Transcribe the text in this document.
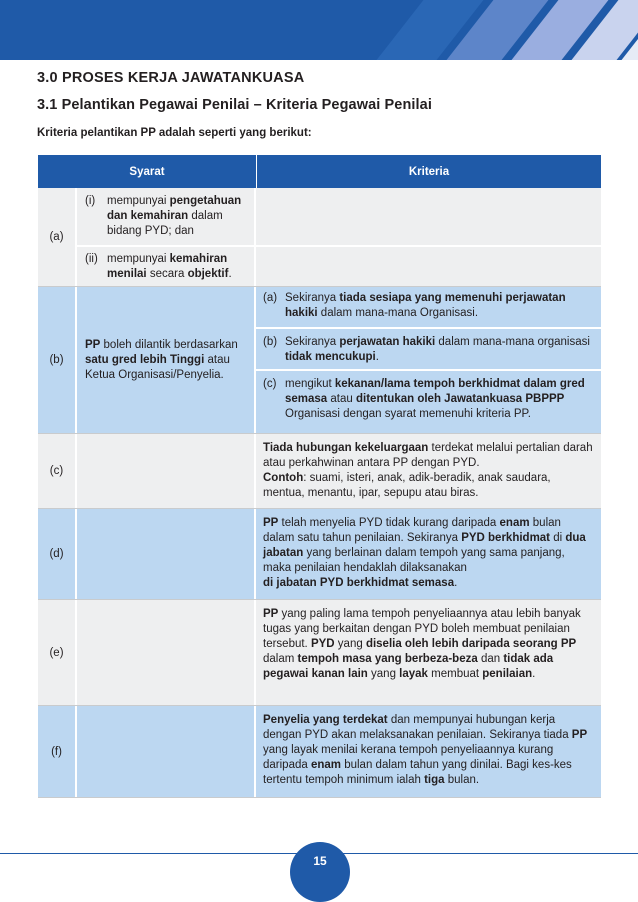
3.0 PROSES KERJA JAWATANKUASA
3.1 Pelantikan Pegawai Penilai – Kriteria Pegawai Penilai
Kriteria pelantikan PP adalah seperti yang berikut:
Syarat	Kriteria
(a)
(i)	mempunyai pengetahuan dan kemahiran dalam bidang PYD; dan
(ii) mempunyai kemahiran menilai secara objektif.
(b)
PP boleh dilantik berdasarkan satu gred lebih Tinggi atau Ketua Organisasi/Penyelia.
(a) Sekiranya tiada sesiapa yang memenuhi perjawatan hakiki dalam mana-mana Organisasi.
(b) Sekiranya perjawatan hakiki dalam mana-mana organisasi tidak mencukupi.
(c) mengikut kekanan/lama tempoh berkhidmat dalam gred semasa atau ditentukan oleh Jawatankuasa PBPPP Organisasi dengan syarat memenuhi kriteria PP.
(c)
Tiada hubungan kekeluargaan terdekat melalui pertalian darah atau perkahwinan antara PP dengan PYD.
Contoh: suami, isteri, anak, adik-beradik, anak saudara, mentua, menantu, ipar, sepupu atau biras.
(d)
PP telah menyelia PYD tidak kurang daripada enam bulan dalam satu tahun penilaian. Sekiranya PYD berkhidmat di dua jabatan yang berlainan dalam tempoh yang sama panjang, maka penilaian hendaklah dilaksanakan
di jabatan PYD berkhidmat semasa.
(e)
PP yang paling lama tempoh penyeliaannya atau lebih banyak tugas yang berkaitan dengan PYD boleh membuat penilaian tersebut. PYD yang diselia oleh lebih daripada seorang PP dalam tempoh masa yang berbeza-beza dan tidak ada pegawai kanan lain yang layak membuat penilaian.
(f)
Penyelia yang terdekat dan mempunyai hubungan kerja dengan PYD akan melaksanakan penilaian. Sekiranya tiada PP yang layak menilai kerana tempoh penyeliaannya kurang daripada enam bulan dalam tahun yang dinilai. Bagi kes-kes tertentu tempoh minimum ialah tiga bulan.
15
